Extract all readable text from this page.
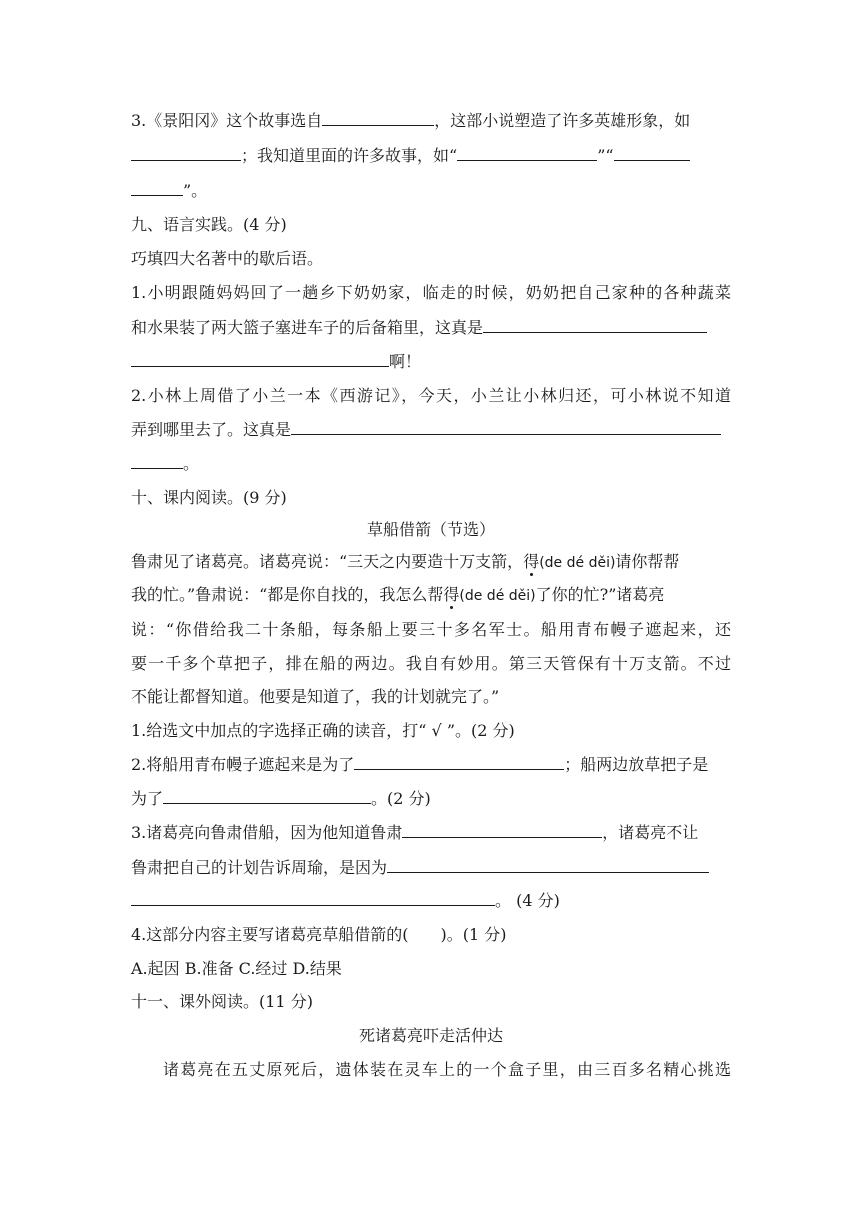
3.《景阳冈》这个故事选自	，这部小说塑造了许多英雄形象，如
；我知道里面的许多故事，如“	”“
”。
九、语言实践。(4 分)
巧填四大名著中的歇后语。
1.小明跟随妈妈回了一趟乡下奶奶家，临走的时候，奶奶把自己家种的各种蔬菜
和水果装了两大篮子塞进车子的后备箱里，这真是
啊！
2.小林上周借了小兰一本《西游记》，今天，小兰让小林归还，可小林说不知道
弄到哪里去了。这真是
。
十、课内阅读。(9 分)
草船借箭（节选）
鲁肃见了诸葛亮。诸葛亮说：“三天之内要造十万支箭，得(de dé děi)请你帮帮
我的忙。”鲁肃说：“都是你自找的，我怎么帮得(de dé děi)了你的忙?”诸葛亮
说：“你借给我二十条船，每条船上要三十多名军士。船用青布幔子遮起来，还
要一千多个草把子，排在船的两边。我自有妙用。第三天管保有十万支箭。不过
不能让都督知道。他要是知道了，我的计划就完了。”
1.给选文中加点的字选择正确的读音，打“ √ ”。(2 分)
2.将船用青布幔子遮起来是为了	；船两边放草把子是
为了	。(2 分)
3.诸葛亮向鲁肃借船，因为他知道鲁肃	，诸葛亮不让
鲁肃把自己的计划告诉周瑜，是因为
。 (4 分)
4.这部分内容主要写诸葛亮草船借箭的(　　)。(1 分)
A.起因 B.准备 C.经过 D.结果
十一、课外阅读。(11 分)
死诸葛亮吓走活仲达
诸葛亮在五丈原死后，遗体装在灵车上的一个盒子里，由三百多名精心挑选
